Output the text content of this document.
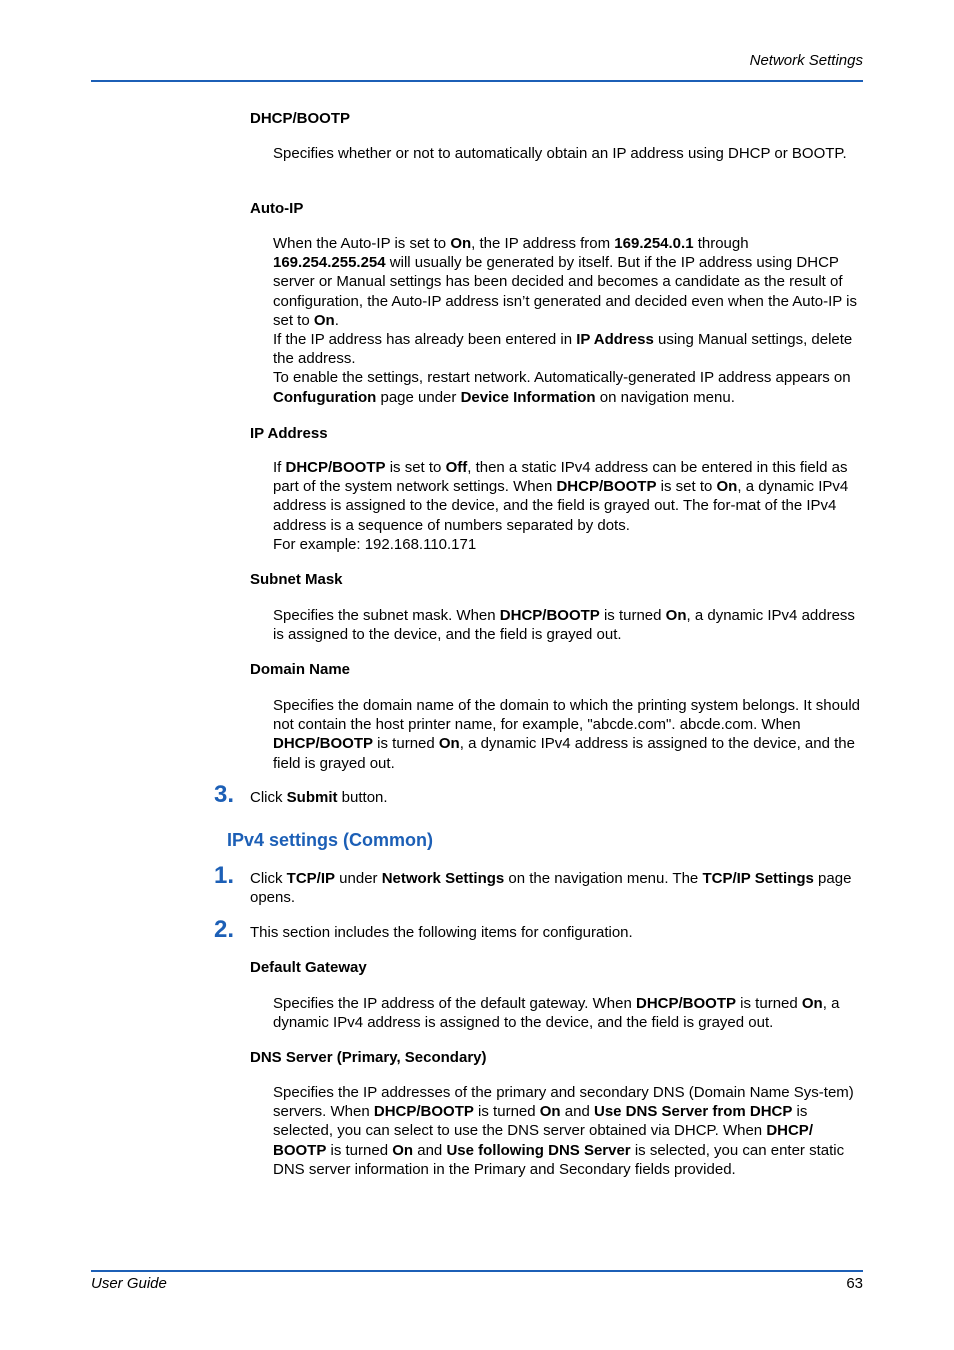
Network Settings
DHCP/BOOTP

Specifies whether or not to automatically obtain an IP address using DHCP or BOOTP.

Auto-IP

When the Auto-IP is set to On, the IP address from 169.254.0.1 through 169.254.255.254 will usually be generated by itself. But if the IP address using DHCP server or Manual settings has been decided and becomes a candidate as the result of configuration, the Auto-IP address isn’t generated and decided even when the Auto-IP is set to On.

If the IP address has already been entered in IP Address using Manual settings, delete the address.

To enable the settings, restart network. Automatically-generated IP address appears on Confuguration page under Device Information on navigation menu.

IP Address

If DHCP/BOOTP is set to Off, then a static IPv4 address can be entered in this field as part of the system network settings. When DHCP/BOOTP is set to On, a dynamic IPv4 address is assigned to the device, and the field is grayed out. The for-mat of the IPv4 address is a sequence of numbers separated by dots.

For example: 192.168.110.171

Subnet Mask

Specifies the subnet mask. When DHCP/BOOTP is turned On, a dynamic IPv4 address is assigned to the device, and the field is grayed out.

Domain Name

Specifies the domain name of the domain to which the printing system belongs. It should not contain the host printer name, for example, "abcde.com". abcde.com. When DHCP/BOOTP is turned On, a dynamic IPv4 address is assigned to the device, and the field is grayed out.

3. Click Submit button.
IPv4 settings (Common)
1. Click TCP/IP under Network Settings on the navigation menu. The TCP/IP Settings page opens.
2. This section includes the following items for configuration.
Default Gateway

Specifies the IP address of the default gateway. When DHCP/BOOTP is turned On, a dynamic IPv4 address is assigned to the device, and the field is grayed out.

DNS Server (Primary, Secondary)

Specifies the IP addresses of the primary and secondary DNS (Domain Name Sys-tem) servers. When DHCP/BOOTP is turned On and Use DNS Server from DHCP is selected, you can select to use the DNS server obtained via DHCP. When DHCP/ BOOTP is turned On and Use following DNS Server is selected, you can enter static DNS server information in the Primary and Secondary fields provided.

User Guide	63
